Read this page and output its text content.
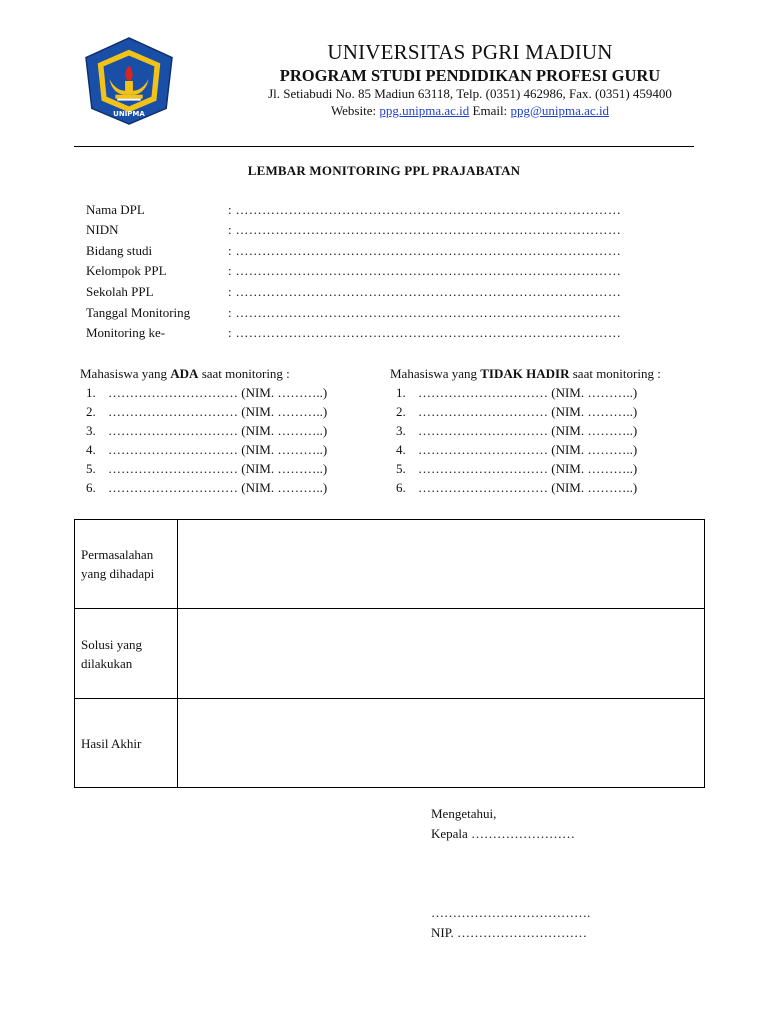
UNIPMA
UNIVERSITAS PGRI MADIUN
PROGRAM STUDI PENDIDIKAN PROFESI GURU
Jl. Setiabudi No. 85 Madiun 63118, Telp. (0351) 462986, Fax. (0351) 459400
Website: ppg.unipma.ac.id Email: ppg@unipma.ac.id
LEMBAR MONITORING PPL PRAJABATAN
Nama DPL	: ……………………………………………………………………………
NIDN	: ……………………………………………………………………………
Bidang studi	: ……………………………………………………………………………
Kelompok PPL	: ……………………………………………………………………………
Sekolah PPL	: ……………………………………………………………………………
Tanggal Monitoring	: ……………………………………………………………………………
Monitoring ke-	: ……………………………………………………………………………
Mahasiswa yang ADA saat monitoring :
1. ………………………… (NIM. ………..)
2. ………………………… (NIM. ………..)
3. ………………………… (NIM. ………..)
4. ………………………… (NIM. ………..)
5. ………………………… (NIM. ………..)
6. ………………………… (NIM. ………..)
Mahasiswa yang TIDAK HADIR saat monitoring :
1. ………………………… (NIM. ………..)
2. ………………………… (NIM. ………..)
3. ………………………… (NIM. ………..)
4. ………………………… (NIM. ………..)
5. ………………………… (NIM. ………..)
6. ………………………… (NIM. ………..)
Permasalahan
yang dihadapi	

Solusi yang
dilakukan	

Hasil Akhir	

Mengetahui,
Kepala ……………………
……………………………….
NIP. …………………………
